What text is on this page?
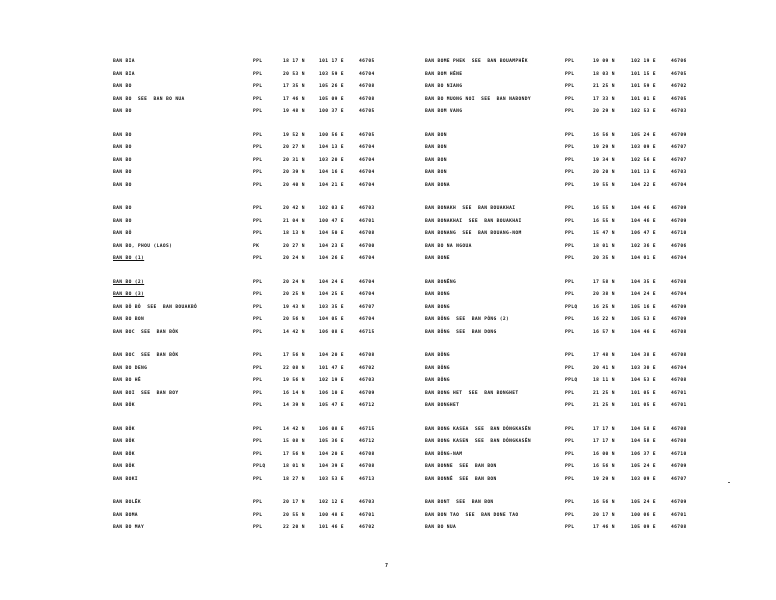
BAN BIA	PPL	18 17 N	101 17 E	46705
BAN BIA	PPL	20 53 N	103 59 E	46704
BAN BO	PPL	17 35 N	105 26 E	46708
BAN BO  SEE  BAN BO NUA	PPL	17 46 N	105 09 E	46708
BAN BO	PPL	19 48 N	100 37 E	46705
BAN BO	PPL	19 52 N	100 56 E	46705
BAN BO	PPL	20 27 N	104 13 E	46704
BAN BO	PPL	20 31 N	103 20 E	46704
BAN BO	PPL	20 39 N	104 16 E	46704
BAN BO	PPL	20 40 N	104 21 E	46704
BAN BO	PPL	20 42 N	102 03 E	46703
BAN BO	PPL	21 04 N	100 47 E	46701
BAN BÔ	PPL	18 13 N	104 50 E	46708
BAN BO, PHOU (LAOS)	PK	20 27 N	104 23 E	46700
BAN BO (1)	PPL	20 24 N	104 26 E	46704
BAN BO (2)	PPL	20 24 N	104 24 E	46704
BAN BO (3)	PPL	20 25 N	104 25 E	46704
BAN BÔ BÔ  SEE  BAN BOUAKBÔ	PPL	19 43 N	103 35 E	46707
BAN BO BON	PPL	20 56 N	104 05 E	46704
BAN BOC  SEE  BAN BÔK	PPL	14 42 N	106 08 E	46715
BAN BOC  SEE  BAN BÔK	PPL	17 56 N	104 20 E	46708
BAN BO DENG	PPL	22 08 N	101 47 E	46702
BAN BO HÊ	PPL	19 56 N	102 19 E	46703
BAN BOI  SEE  BAN BOY	PPL	16 14 N	106 10 E	46709
BAN BÔK	PPL	14 39 N	105 47 E	46712
BAN BÔK	PPL	14 42 N	106 08 E	46715
BAN BÔK	PPL	15 08 N	105 36 E	46712
BAN BÔK	PPL	17 56 N	104 20 E	46708
BAN BÔK	PPLQ	18 01 N	104 39 E	46708
BAN BOKI	PPL	18 27 N	103 53 E	46713
BAN BOLÊK	PPL	20 17 N	102 12 E	46703
BAN BOMA	PPL	20 55 N	100 48 E	46701
BAN BO MAY	PPL	22 20 N	101 46 E	46702
BAN BOME PHEK  SEE  BAN BOUAMPHÊK	PPL	19 09 N	102 19 E	46706
BAN BOM HÊNE	PPL	18 03 N	101 15 E	46705
BAN BO NIANG	PPL	21 25 N	101 59 E	46702
BAN BO MUONG NOI  SEE  BAN NABONDY	PPL	17 33 N	101 01 E	46705
BAN BOM VANG	PPL	20 29 N	102 53 E	46703
BAN BON	PPL	16 56 N	105 24 E	46709
BAN BON	PPL	19 29 N	103 09 E	46707
BAN BON	PPL	19 34 N	102 56 E	46707
BAN BON	PPL	20 20 N	101 13 E	46703
BAN BONA	PPL	19 55 N	104 22 E	46704
BAN BONAKH  SEE  BAN BOUAKHAI	PPL	16 55 N	104 46 E	46709
BAN BONAKHAI  SEE  BAN BOUAKHAI	PPL	16 55 N	104 46 E	46709
BAN BONANG  SEE  BAN BOUANG-NOM	PPL	15 47 N	106 47 E	46710
BAN BO NA NGOUA	PPL	18 01 N	102 36 E	46706
BAN BONE	PPL	20 35 N	104 01 E	46704
BAN BONÊNG	PPL	17 58 N	104 35 E	46708
BAN BONG	PPL	20 38 N	104 24 E	46704
BAN BONG	PPLQ	16 25 N	105 16 E	46709
BAN BÔNG  SEE  BAN PÔNG (2)	PPL	16 22 N	105 53 E	46709
BAN BÔNG  SEE  BAN DONG	PPL	16 57 N	104 46 E	46708
BAN BÔNG	PPL	17 48 N	104 38 E	46708
BAN BÔNG	PPL	20 41 N	103 30 E	46704
BAN BÔNG	PPLQ	18 11 N	104 53 E	46708
BAN BONG HET  SEE  BAN BONGHET	PPL	21 25 N	101 05 E	46701
BAN BONGHET	PPL	21 25 N	101 05 E	46701
BAN BONG KASEA  SEE  BAN DÔNGKASÊN	PPL	17 17 N	104 58 E	46708
BAN BONG KASEN  SEE  BAN DÔNGKASÊN	PPL	17 17 N	104 58 E	46708
BAN BÔNG-NAM	PPL	16 00 N	106 37 E	46710
BAN BONNE  SEE  BAN BON	PPL	16 56 N	105 24 E	46709
BAN BONNÊ  SEE  BAN BON	PPL	19 29 N	103 09 E	46707
BAN BONT  SEE  BAN BON	PPL	16 56 N	105 24 E	46709
BAN BON TAO  SEE  BAN DONE TAO	PPL	20 17 N	100 06 E	46701
BAN BO NUA	PPL	17 46 N	105 09 E	46708
7
